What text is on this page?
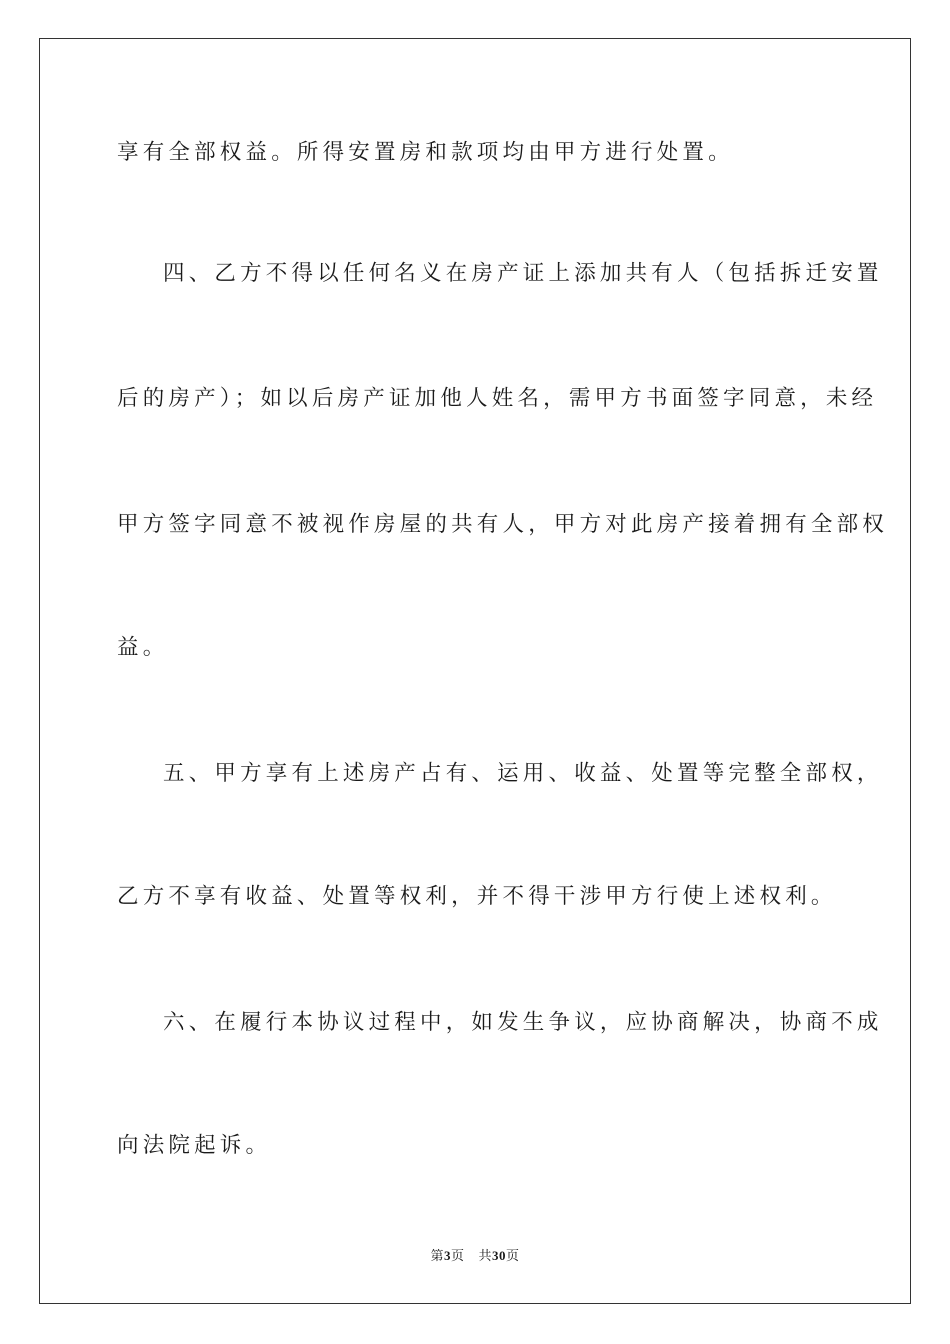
享有全部权益。所得安置房和款项均由甲方进行处置。
四、乙方不得以任何名义在房产证上添加共有人（包括拆迁安置
后的房产）；如以后房产证加他人姓名，需甲方书面签字同意，未经
甲方签字同意不被视作房屋的共有人，甲方对此房产接着拥有全部权
益。
五、甲方享有上述房产占有、运用、收益、处置等完整全部权，
乙方不享有收益、处置等权利，并不得干涉甲方行使上述权利。
六、在履行本协议过程中，如发生争议，应协商解决，协商不成
向法院起诉。
第3页 共30页
